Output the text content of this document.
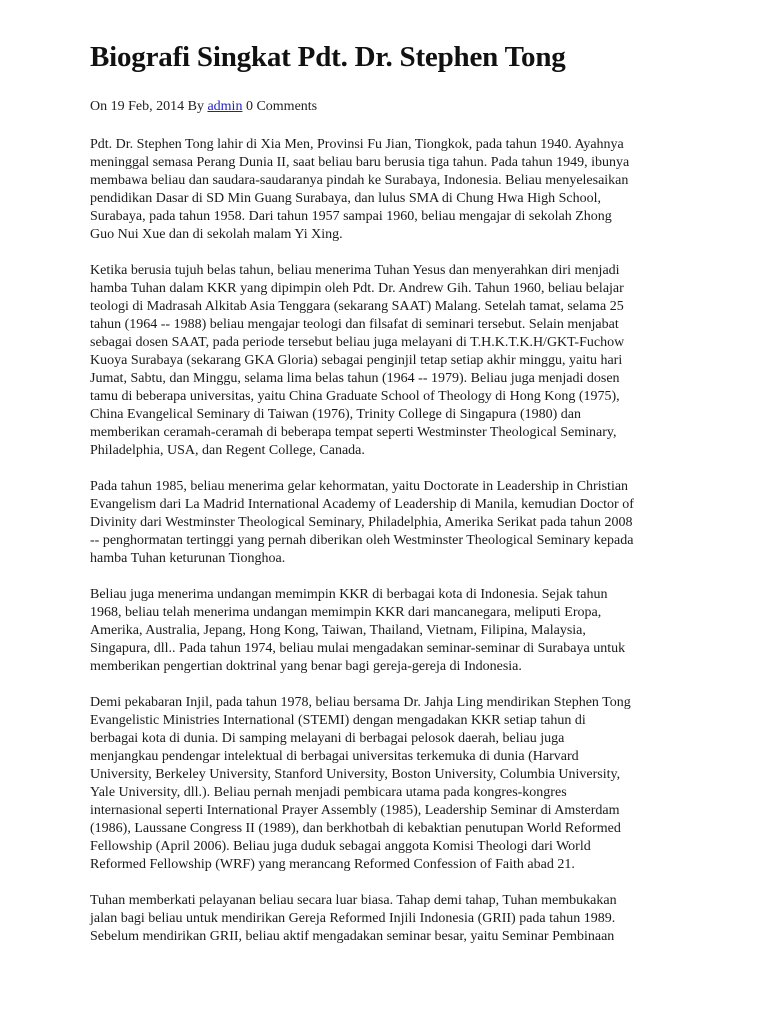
Biografi Singkat Pdt. Dr. Stephen Tong
On 19 Feb, 2014 By admin 0 Comments

Pdt. Dr. Stephen Tong lahir di Xia Men, Provinsi Fu Jian, Tiongkok, pada tahun 1940. Ayahnya
meninggal semasa Perang Dunia II, saat beliau baru berusia tiga tahun. Pada tahun 1949, ibunya
membawa beliau dan saudara-saudaranya pindah ke Surabaya, Indonesia. Beliau menyelesaikan
pendidikan Dasar di SD Min Guang Surabaya, dan lulus SMA di Chung Hwa High School,
Surabaya, pada tahun 1958. Dari tahun 1957 sampai 1960, beliau mengajar di sekolah Zhong
Guo Nui Xue dan di sekolah malam Yi Xing.

Ketika berusia tujuh belas tahun, beliau menerima Tuhan Yesus dan menyerahkan diri menjadi
hamba Tuhan dalam KKR yang dipimpin oleh Pdt. Dr. Andrew Gih. Tahun 1960, beliau belajar
teologi di Madrasah Alkitab Asia Tenggara (sekarang SAAT) Malang. Setelah tamat, selama 25
tahun (1964 -- 1988) beliau mengajar teologi dan filsafat di seminari tersebut. Selain menjabat
sebagai dosen SAAT, pada periode tersebut beliau juga melayani di T.H.K.T.K.H/GKT-Fuchow
Kuoya Surabaya (sekarang GKA Gloria) sebagai penginjil tetap setiap akhir minggu, yaitu hari
Jumat, Sabtu, dan Minggu, selama lima belas tahun (1964 -- 1979). Beliau juga menjadi dosen
tamu di beberapa universitas, yaitu China Graduate School of Theology di Hong Kong (1975),
China Evangelical Seminary di Taiwan (1976), Trinity College di Singapura (1980) dan
memberikan ceramah-ceramah di beberapa tempat seperti Westminster Theological Seminary,
Philadelphia, USA, dan Regent College, Canada.

Pada tahun 1985, beliau menerima gelar kehormatan, yaitu Doctorate in Leadership in Christian
Evangelism dari La Madrid International Academy of Leadership di Manila, kemudian Doctor of
Divinity dari Westminster Theological Seminary, Philadelphia, Amerika Serikat pada tahun 2008
-- penghormatan tertinggi yang pernah diberikan oleh Westminster Theological Seminary kepada
hamba Tuhan keturunan Tionghoa.

Beliau juga menerima undangan memimpin KKR di berbagai kota di Indonesia. Sejak tahun
1968, beliau telah menerima undangan memimpin KKR dari mancanegara, meliputi Eropa,
Amerika, Australia, Jepang, Hong Kong, Taiwan, Thailand, Vietnam, Filipina, Malaysia,
Singapura, dll.. Pada tahun 1974, beliau mulai mengadakan seminar-seminar di Surabaya untuk
memberikan pengertian doktrinal yang benar bagi gereja-gereja di Indonesia.

Demi pekabaran Injil, pada tahun 1978, beliau bersama Dr. Jahja Ling mendirikan Stephen Tong
Evangelistic Ministries International (STEMI) dengan mengadakan KKR setiap tahun di
berbagai kota di dunia. Di samping melayani di berbagai pelosok daerah, beliau juga
menjangkau pendengar intelektual di berbagai universitas terkemuka di dunia (Harvard
University, Berkeley University, Stanford University, Boston University, Columbia University,
Yale University, dll.). Beliau pernah menjadi pembicara utama pada kongres-kongres
internasional seperti International Prayer Assembly (1985), Leadership Seminar di Amsterdam
(1986), Laussane Congress II (1989), dan berkhotbah di kebaktian penutupan World Reformed
Fellowship (April 2006). Beliau juga duduk sebagai anggota Komisi Theologi dari World
Reformed Fellowship (WRF) yang merancang Reformed Confession of Faith abad 21.

Tuhan memberkati pelayanan beliau secara luar biasa. Tahap demi tahap, Tuhan membukakan
jalan bagi beliau untuk mendirikan Gereja Reformed Injili Indonesia (GRII) pada tahun 1989.
Sebelum mendirikan GRII, beliau aktif mengadakan seminar besar, yaitu Seminar Pembinaan
